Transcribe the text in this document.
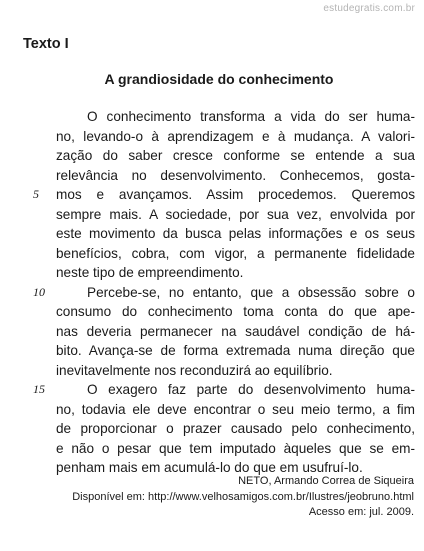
estudegratis.com.br
Texto I
A grandiosidade do conhecimento
O conhecimento transforma a vida do ser huma-
no, levando-o à aprendizagem e à mudança. A valori-
zação do saber cresce conforme se entende a sua
relevância no desenvolvimento. Conhecemos, gosta-
5 mos e avançamos. Assim procedemos. Queremos
sempre mais. A sociedade, por sua vez, envolvida por
este movimento da busca pelas informações e os seus
benefícios, cobra, com vigor, a permanente fidelidade
neste tipo de empreendimento.
10	Percebe-se, no entanto, que a obsessão sobre o
consumo do conhecimento toma conta do que ape-
nas deveria permanecer na saudável condição de há-
bito. Avança-se de forma extremada numa direção que
inevitavelmente nos reconduzirá ao equilíbrio.
15	O exagero faz parte do desenvolvimento huma-
no, todavia ele deve encontrar o seu meio termo, a fim
de proporcionar o prazer causado pelo conhecimento,
e não o pesar que tem imputado àqueles que se em-
penham mais em acumulá-lo do que em usufruí-lo.
NETO, Armando Correa de Siqueira
Disponível em: http://www.velhosamigos.com.br/Ilustres/jeobruno.html
Acesso em: jul. 2009.
